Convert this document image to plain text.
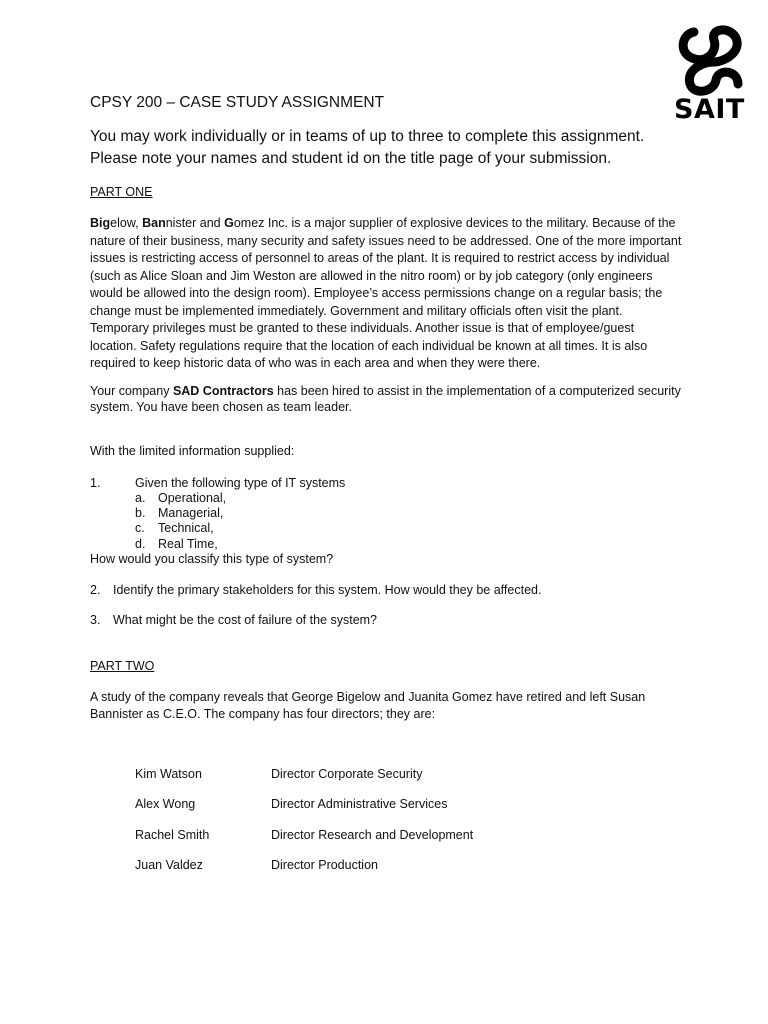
SAIT
CPSY 200 – CASE STUDY ASSIGNMENT
You may work individually or in teams of up to three to complete this assignment. Please note your names and student id on the title page of your submission.
PART ONE
Bigelow, Bannister and Gomez Inc. is a major supplier of explosive devices to the military. Because of the nature of their business, many security and safety issues need to be addressed. One of the more important issues is restricting access of personnel to areas of the plant. It is required to restrict access by individual (such as Alice Sloan and Jim Weston are allowed in the nitro room) or by job category (only engineers would be allowed into the design room). Employee’s access permissions change on a regular basis; the change must be implemented immediately. Government and military officials often visit the plant. Temporary privileges must be granted to these individuals. Another issue is that of employee/guest location. Safety regulations require that the location of each individual be known at all times. It is also required to keep historic data of who was in each area and when they were there.
Your company SAD Contractors has been hired to assist in the implementation of a computerized security system. You have been chosen as team leader.
With the limited information supplied:
1.	Given the following type of IT systems
a. Operational,
b. Managerial,
c. Technical,
d. Real Time,
How would you classify this type of system?
2. Identify the primary stakeholders for this system. How would they be affected.
3. What might be the cost of failure of the system?
PART TWO
A study of the company reveals that George Bigelow and Juanita Gomez have retired and left Susan Bannister as C.E.O. The company has four directors; they are:
Kim Watson	Director Corporate Security
Alex Wong	Director Administrative Services
Rachel Smith	Director Research and Development
Juan Valdez	Director Production
